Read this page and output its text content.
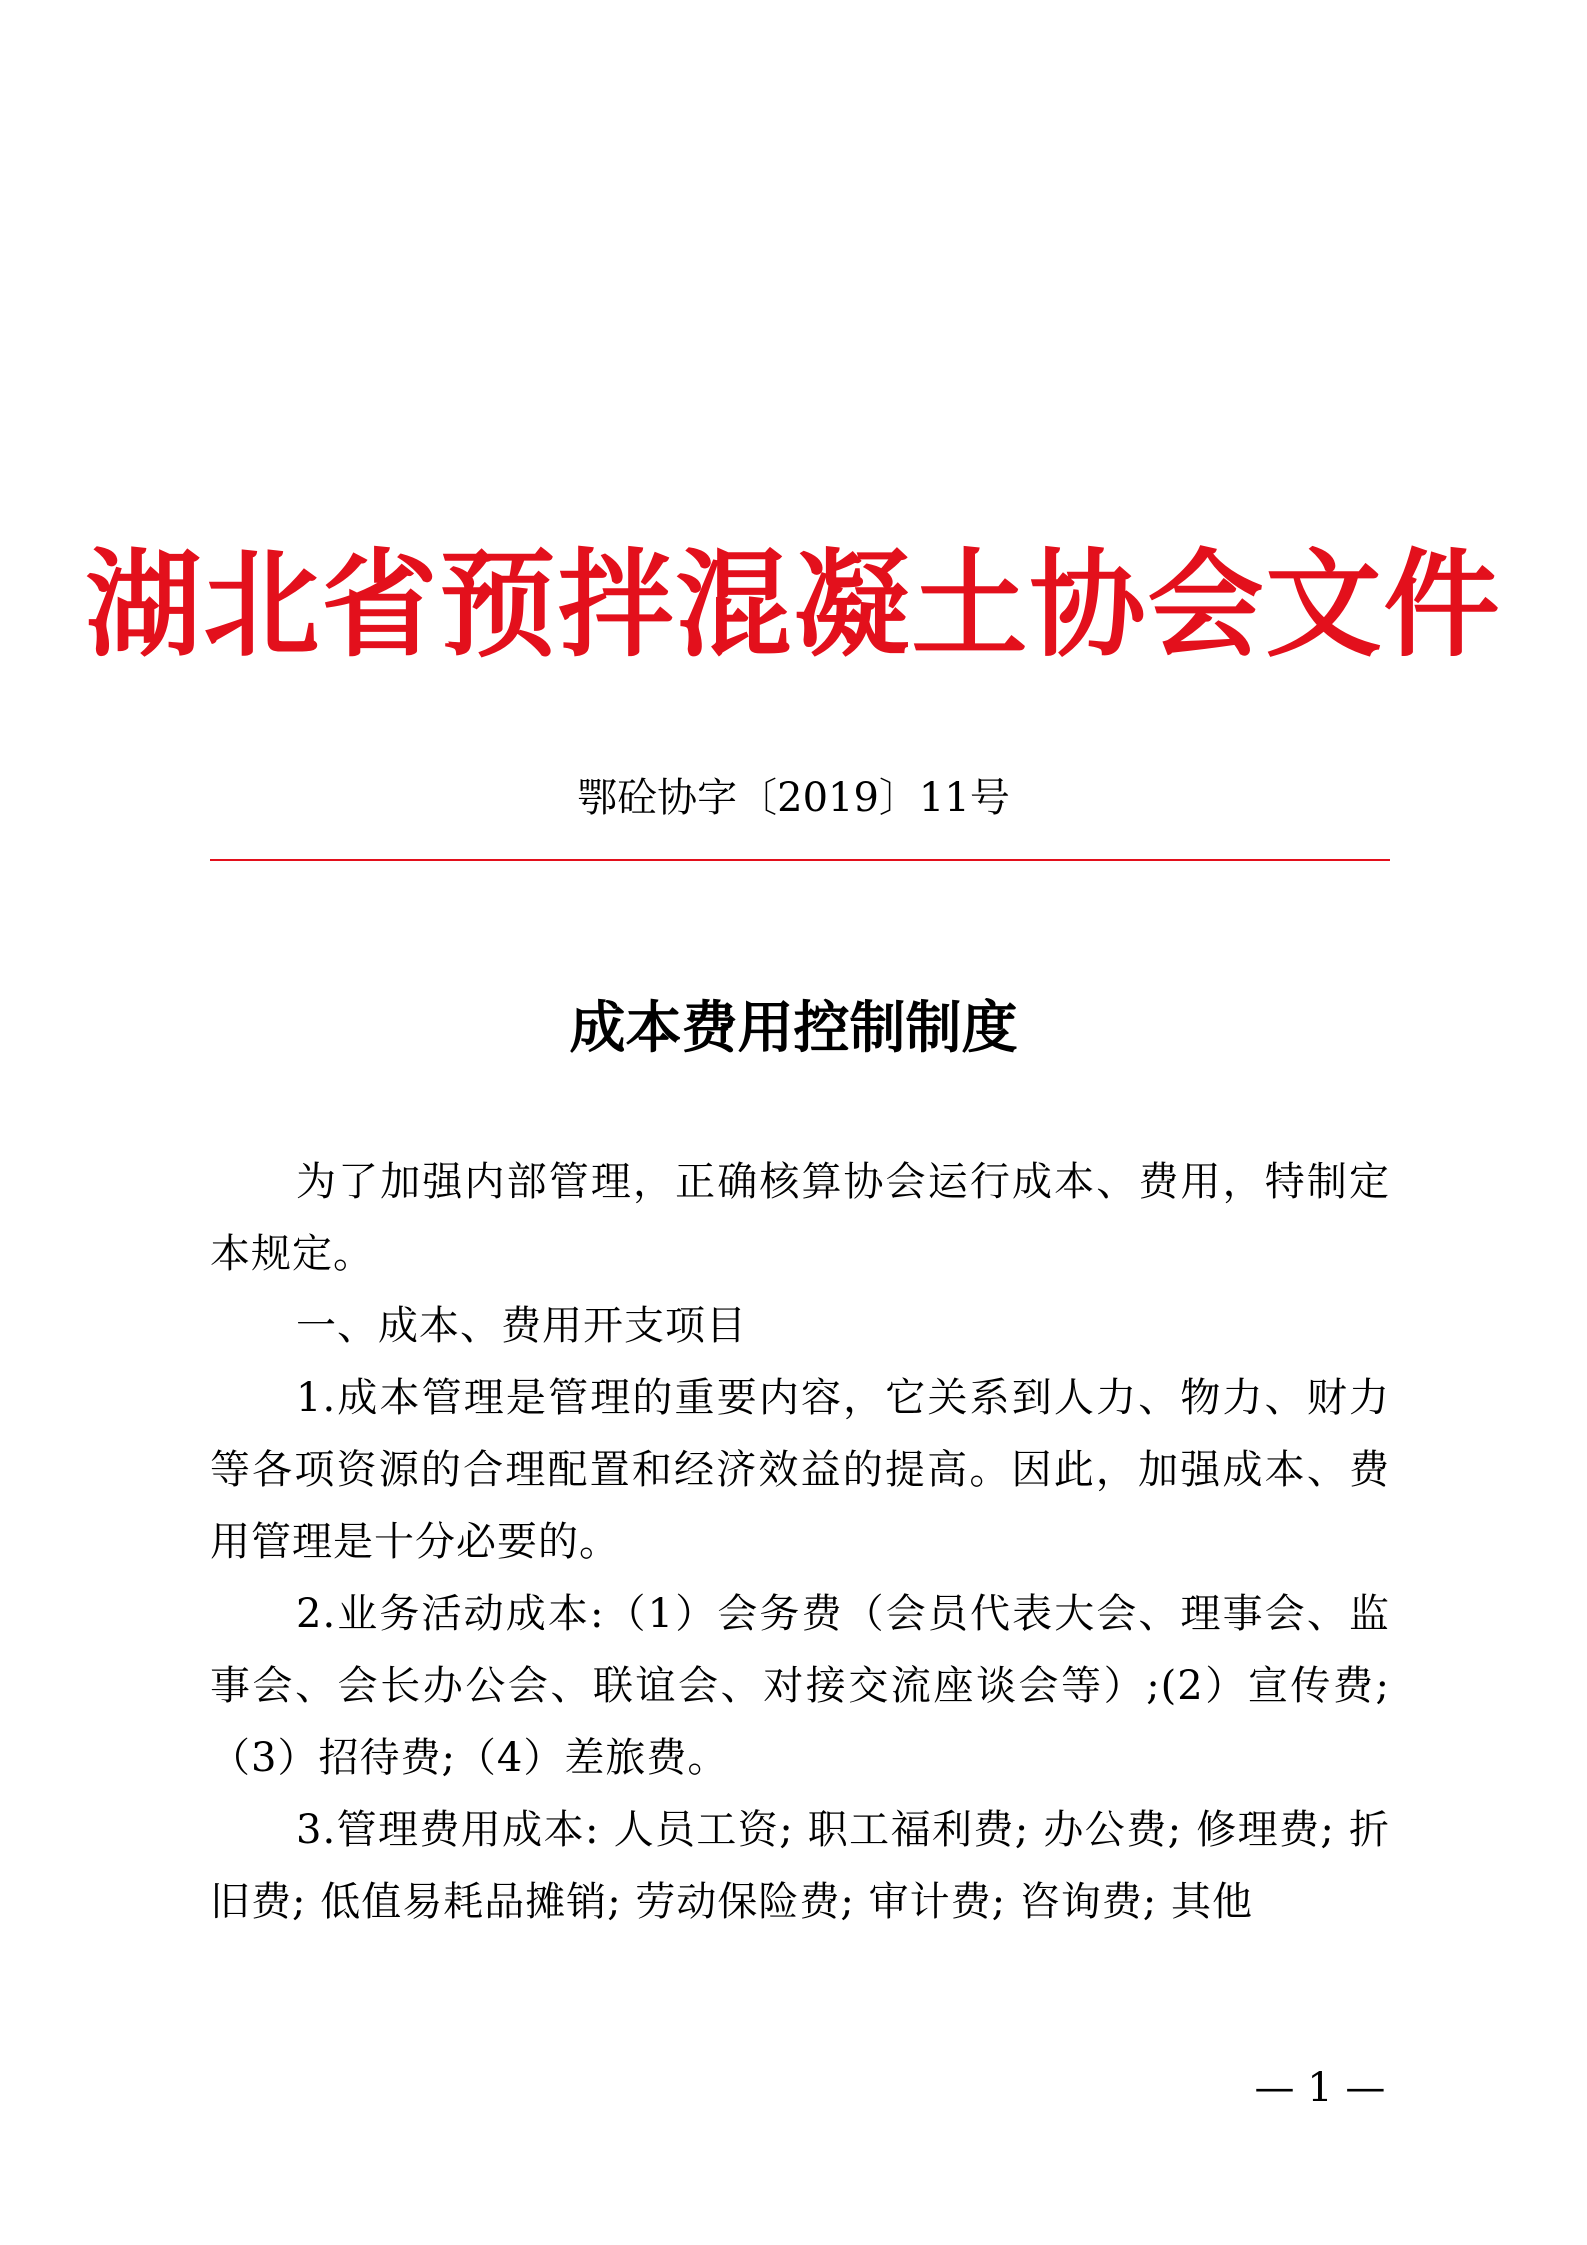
湖北省预拌混凝土协会文件
鄂砼协字〔2019〕11号
成本费用控制制度

为了加强内部管理，正确核算协会运行成本、费用，特制定本规定。

一、成本、费用开支项目

1.成本管理是管理的重要内容，它关系到人力、物力、财力等各项资源的合理配置和经济效益的提高。因此，加强成本、费用管理是十分必要的。

2.业务活动成本:（1）会务费（会员代表大会、理事会、监事会、会长办公会、联谊会、对接交流座谈会等）;(2）宣传费;（3）招待费;（4）差旅费。

3.管理费用成本: 人员工资; 职工福利费; 办公费; 修理费; 折旧费; 低值易耗品摊销; 劳动保险费; 审计费; 咨询费; 其他

— 1 —
